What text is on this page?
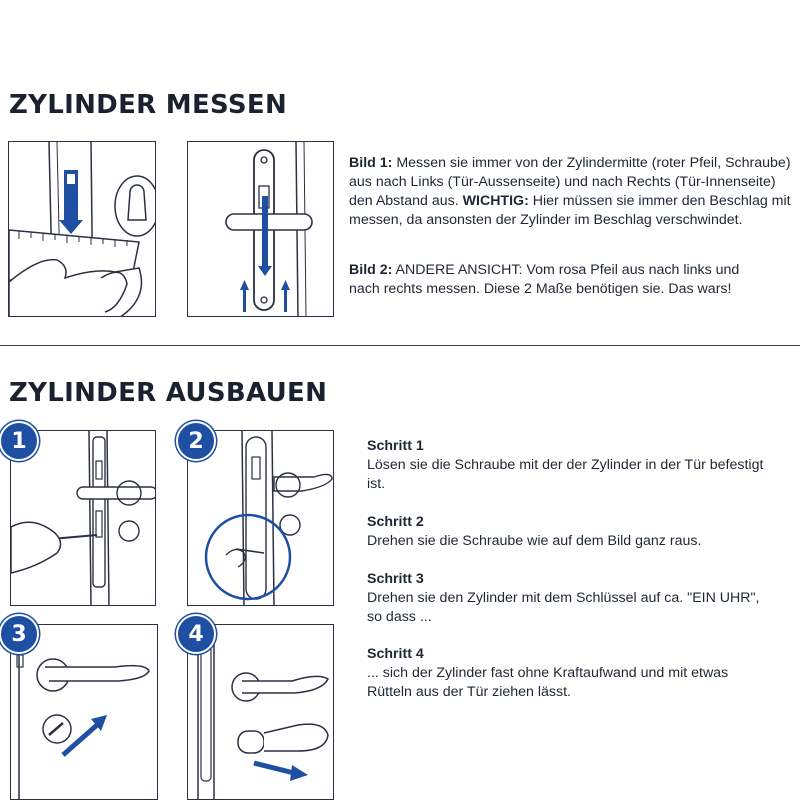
ZYLINDER MESSEN

Bild 1: Messen sie immer von der Zylindermitte (roter Pfeil, Schraube) aus nach Links (Tür-Aussenseite) und nach Rechts (Tür-Innenseite) den Abstand aus. WICHTIG: Hier müssen sie immer den Beschlag mit messen, da ansonsten der Zylinder im Beschlag verschwindet.

Bild 2: ANDERE ANSICHT: Vom rosa Pfeil aus nach links und nach rechts messen. Diese 2 Maße benötigen sie. Das wars!

ZYLINDER AUSBAUEN
1	2
3	4
Schritt 1
Lösen sie die Schraube mit der der Zylinder in der Tür befestigt ist.
Schritt 2
Drehen sie die Schraube wie auf dem Bild ganz raus.
Schritt 3
Drehen sie den Zylinder mit dem Schlüssel auf ca. "EIN UHR", so dass ...
Schritt 4
... sich der Zylinder fast ohne Kraftaufwand und mit etwas Rütteln aus der Tür ziehen lässt.
